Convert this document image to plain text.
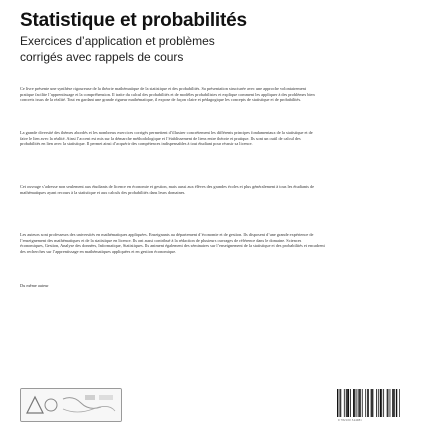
Statistique et probabilités

Exercices d’application et problèmes

corrigés avec rappels de cours

Ce livre présente une synthèse rigoureuse de la théorie mathématique de la statistique et des probabilités. Sa présentation structurée avec une approche volontairement pratique facilite l’apprentissage et la compréhension. Il traite du calcul des probabilités et de modèles probabilistes et explique comment les appliquer à des problèmes bien concrets issus de la réalité. Tout en gardant une grande rigueur mathématique, il expose de façon claire et pédagogique les concepts de statistique et de probabilités.

La grande diversité des thèmes abordés et les nombreux exercices corrigés permettent d’illustrer concrètement les différents principes fondamentaux de la statistique et de faire le lien avec la réalité. Ainsi l’accent est mis sur la démarche méthodologique et l’établissement de liens entre théorie et pratique. Ils sont un outil de calcul des probabilités en lien avec la statistique. Il permet ainsi d’acquérir des compétences indispensables à tout étudiant pour réussir sa licence.

Cet ouvrage s’adresse non seulement aux étudiants de licence en économie et gestion, mais aussi aux élèves des grandes écoles et plus généralement à tous les étudiants de mathématiques ayant recours à la statistique et aux calculs des probabilités dans leurs domaines.

Les auteurs sont professeurs des universités en mathématiques appliquées. Enseignants au département d’économie et de gestion. Ils disposent d’une grande expérience de l’enseignement des mathématiques et de la statistique en licence. Ils ont aussi contribué à la rédaction de plusieurs ouvrages de référence dans le domaine. Sciences économiques, Gestion, Analyse des données, Informatique, Statistiques. Ils animent également des séminaires sur l’enseignement de la statistique et des probabilités et encadrent des recherches sur l’apprentissage en mathématiques appliquées et en gestion économique.

Du même auteur

9 782100 544981
